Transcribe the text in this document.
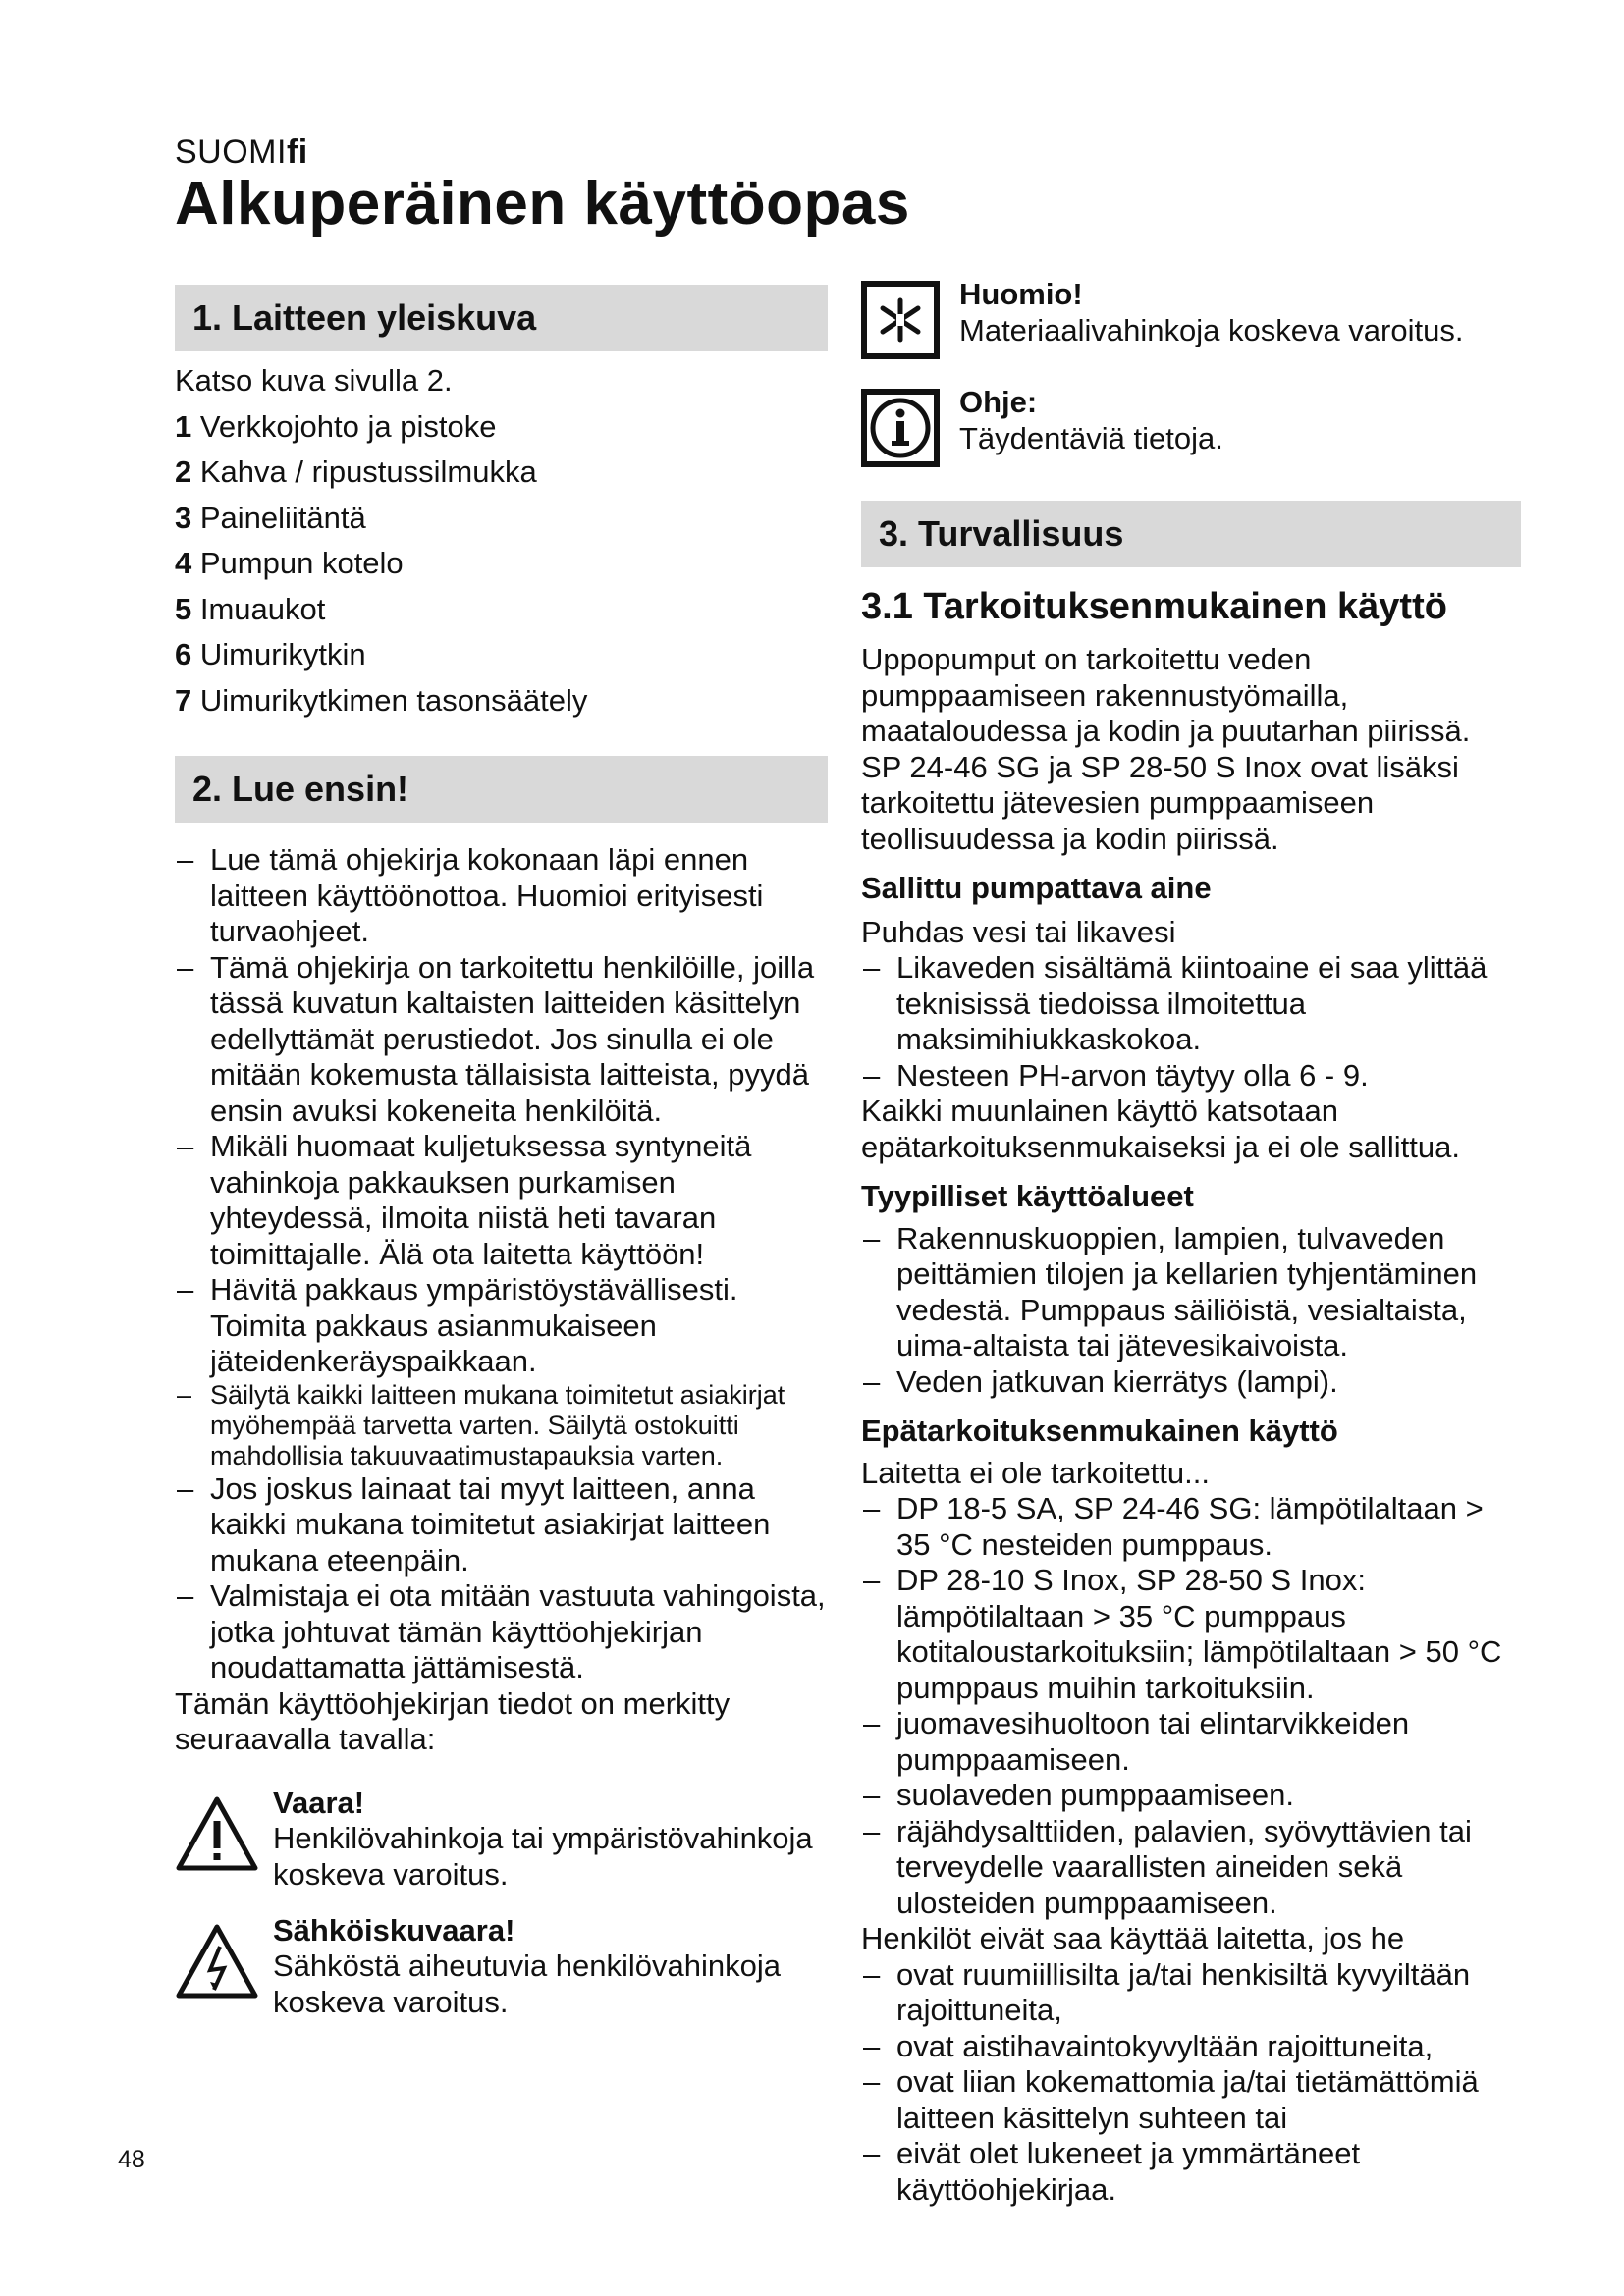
SUOMIfi
Alkuperäinen käyttöopas
1. Laitteen yleiskuva

Katso kuva sivulla 2.

1 Verkkojohto ja pistoke
2 Kahva / ripustussilmukka
3 Paineliitäntä
4 Pumpun kotelo
5 Imuaukot
6 Uimurikytkin
7 Uimurikytkimen tasonsäätely
2. Lue ensin!
– Lue tämä ohjekirja kokonaan läpi ennen laitteen käyttöönottoa. Huomioi erityisesti turvaohjeet.
– Tämä ohjekirja on tarkoitettu henkilöille, joilla tässä kuvatun kaltaisten laitteiden käsittelyn edellyttämät perustiedot. Jos sinulla ei ole mitään kokemusta tällaisista laitteista, pyydä ensin avuksi kokeneita henkilöitä.
– Mikäli huomaat kuljetuksessa syntyneitä vahinkoja pakkauksen purkamisen yhteydessä, ilmoita niistä heti tavaran toimittajalle. Älä ota laitetta käyttöön!
– Hävitä pakkaus ympäristöystävällisesti. Toimita pakkaus asianmukaiseen jäteidenkeräyspaikkaan.
– Säilytä kaikki laitteen mukana toimitetut asiakirjat myöhempää tarvetta varten. Säilytä ostokuitti mahdollisia takuuvaatimustapauksia varten.
– Jos joskus lainaat tai myyt laitteen, anna kaikki mukana toimitetut asiakirjat laitteen mukana eteenpäin.
– Valmistaja ei ota mitään vastuuta vahingoista, jotka johtuvat tämän käyttöohjekirjan noudattamatta jättämisestä.

Tämän käyttöohjekirjan tiedot on merkitty seuraavalla tavalla:

Vaara!
Henkilövahinkoja tai ympäristövahinkoja koskeva varoitus.
Sähköiskuvaara!
Sähköstä aiheutuvia henkilövahinkoja koskeva varoitus.
Huomio!
Materiaalivahinkoja koskeva varoitus.
Ohje:
Täydentäviä tietoja.
3. Turvallisuus
3.1 Tarkoituksenmukainen käyttö

Uppopumput on tarkoitettu veden pumppaamiseen rakennustyömailla, maataloudessa ja kodin ja puutarhan piirissä.

SP 24-46 SG ja SP 28-50 S Inox ovat lisäksi tarkoitettu jätevesien pumppaamiseen teollisuudessa ja kodin piirissä.

Sallittu pumpattava aine

Puhdas vesi tai likavesi

– Likaveden sisältämä kiintoaine ei saa ylittää teknisissä tiedoissa ilmoitettua maksimihiukkaskokoa.
– Nesteen PH-arvon täytyy olla 6 - 9.

Kaikki muunlainen käyttö katsotaan epätarkoituksenmukaiseksi ja ei ole sallittua.

Tyypilliset käyttöalueet
– Rakennuskuoppien, lampien, tulvaveden peittämien tilojen ja kellarien tyhjentäminen vedestä. Pumppaus säiliöistä, vesialtaista, uima-altaista tai jätevesikaivoista.
– Veden jatkuvan kierrätys (lampi).
Epätarkoituksenmukainen käyttö

Laitetta ei ole tarkoitettu...

– DP 18-5 SA, SP 24-46 SG: lämpötilaltaan > 35 °C nesteiden pumppaus.
– DP 28-10 S Inox, SP 28-50 S Inox: lämpötilaltaan > 35 °C pumppaus kotitaloustarkoituksiin; lämpötilaltaan > 50 °C pumppaus muihin tarkoituksiin.
– juomavesihuoltoon tai elintarvikkeiden pumppaamiseen.
– suolaveden pumppaamiseen.
– räjähdysalttiiden, palavien, syövyttävien tai terveydelle vaarallisten aineiden sekä ulosteiden pumppaamiseen.

Henkilöt eivät saa käyttää laitetta, jos he

– ovat ruumiillisilta ja/tai henkisiltä kyvyiltään rajoittuneita,
– ovat aistihavaintokyvyltään rajoittuneita,
– ovat liian kokemattomia ja/tai tietämättömiä laitteen käsittelyn suhteen tai
– eivät olet lukeneet ja ymmärtäneet käyttöohjekirjaa.
48
